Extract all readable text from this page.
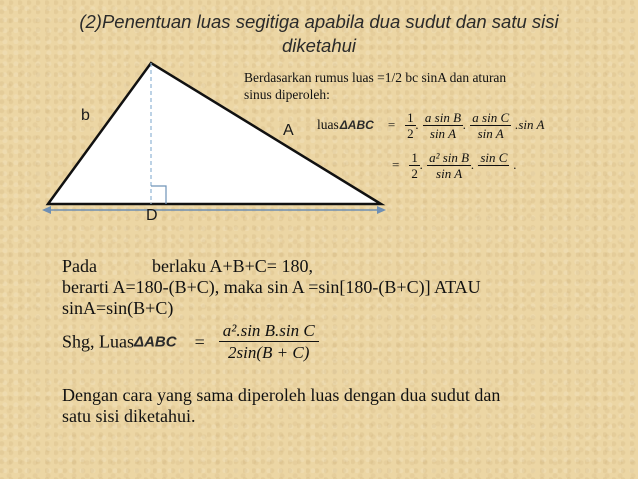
(2)Penentuan luas segitiga apabila dua sudut dan satu sisi
diketahui
b
A
D
Berdasarkan rumus luas =1/2 bc sinA dan aturan
sinus diperoleh:
luasΔABC = $\frac{1}{2}$ . $\frac{\text{a sin B}}{\text{sin A}}$ . $\frac{\text{a sin C}}{\text{sin A}} .\sin$ A
= $\frac{1}{2}$ . $\frac{\text{a² sin B}}{\text{sin A}}$ . sin C
.
Pada	berlaku A+B+C= 180,
berarti A=180-(B+C), maka sin A =sin[180-(B+C)] ATAU
sinA=sin(B+C)
Shg, LuasΔABC = $\frac{\text{a².sin B.sin C}}{2\sin(B + C)}$
Dengan cara yang sama diperoleh luas dengan dua sudut dan
satu sisi diketahui.
